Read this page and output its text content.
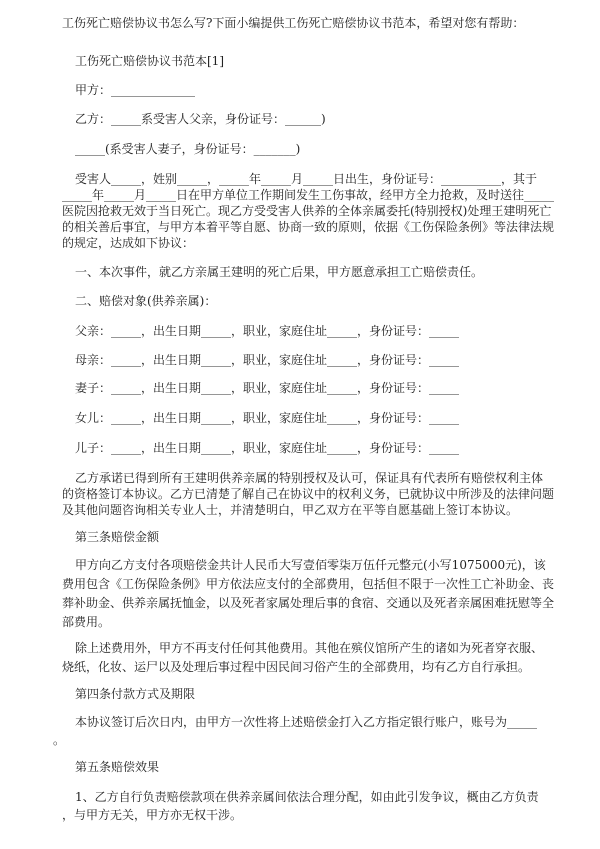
工伤死亡赔偿协议书怎么写?下面小编提供工伤死亡赔偿协议书范本，希望对您有帮助：
工伤死亡赔偿协议书范本[1]
甲方：______________
乙方：_____系受害人父亲，身份证号：______)
_____(系受害人妻子，身份证号：_______)
受害人_____，姓别_____，_____年_____月_____日出生，身份证号：__________，其于
_____年_____月_____日在甲方单位工作期间发生工伤事故，经甲方全力抢救，及时送往_____
医院因抢救无效于当日死亡。现乙方受受害人供养的全体亲属委托(特别授权)处理王建明死亡
的相关善后事宜，与甲方本着平等自愿、协商一致的原则，依据《工伤保险条例》等法律法规
的规定，达成如下协议：
一、本次事件，就乙方亲属王建明的死亡后果，甲方愿意承担工亡赔偿责任。
二、赔偿对象(供养亲属)：
父亲：_____，出生日期_____，职业，家庭住址_____，身份证号：_____
母亲：_____，出生日期_____，职业，家庭住址_____，身份证号：_____
妻子：_____，出生日期_____，职业，家庭住址_____，身份证号：_____
女儿：_____，出生日期_____，职业，家庭住址_____，身份证号：_____
儿子：_____，出生日期_____，职业，家庭住址_____，身份证号：_____
乙方承诺已得到所有王建明供养亲属的特别授权及认可，保证具有代表所有赔偿权利主体
的资格签订本协议。乙方已清楚了解自己在协议中的权利义务，已就协议中所涉及的法律问题
及其他问题咨询相关专业人士，并清楚明白，甲乙双方在平等自愿基础上签订本协议。
第三条赔偿金额
甲方向乙方支付各项赔偿金共计人民币大写壹佰零柒万伍仟元整元(小写1075000元)，该
费用包含《工伤保险条例》甲方依法应支付的全部费用，包括但不限于一次性工亡补助金、丧
葬补助金、供养亲属抚恤金，以及死者家属处理后事的食宿、交通以及死者亲属困难抚慰等全
部费用。
除上述费用外，甲方不再支付任何其他费用。其他在殡仪馆所产生的诸如为死者穿衣服、
烧纸，化妆、运尸以及处理后事过程中因民间习俗产生的全部费用，均有乙方自行承担。
第四条付款方式及期限
本协议签订后次日内，由甲方一次性将上述赔偿金打入乙方指定银行账户，账号为_____
。
第五条赔偿效果
1、乙方自行负责赔偿款项在供养亲属间依法合理分配，如由此引发争议，概由乙方负责
，与甲方无关，甲方亦无权干涉。
